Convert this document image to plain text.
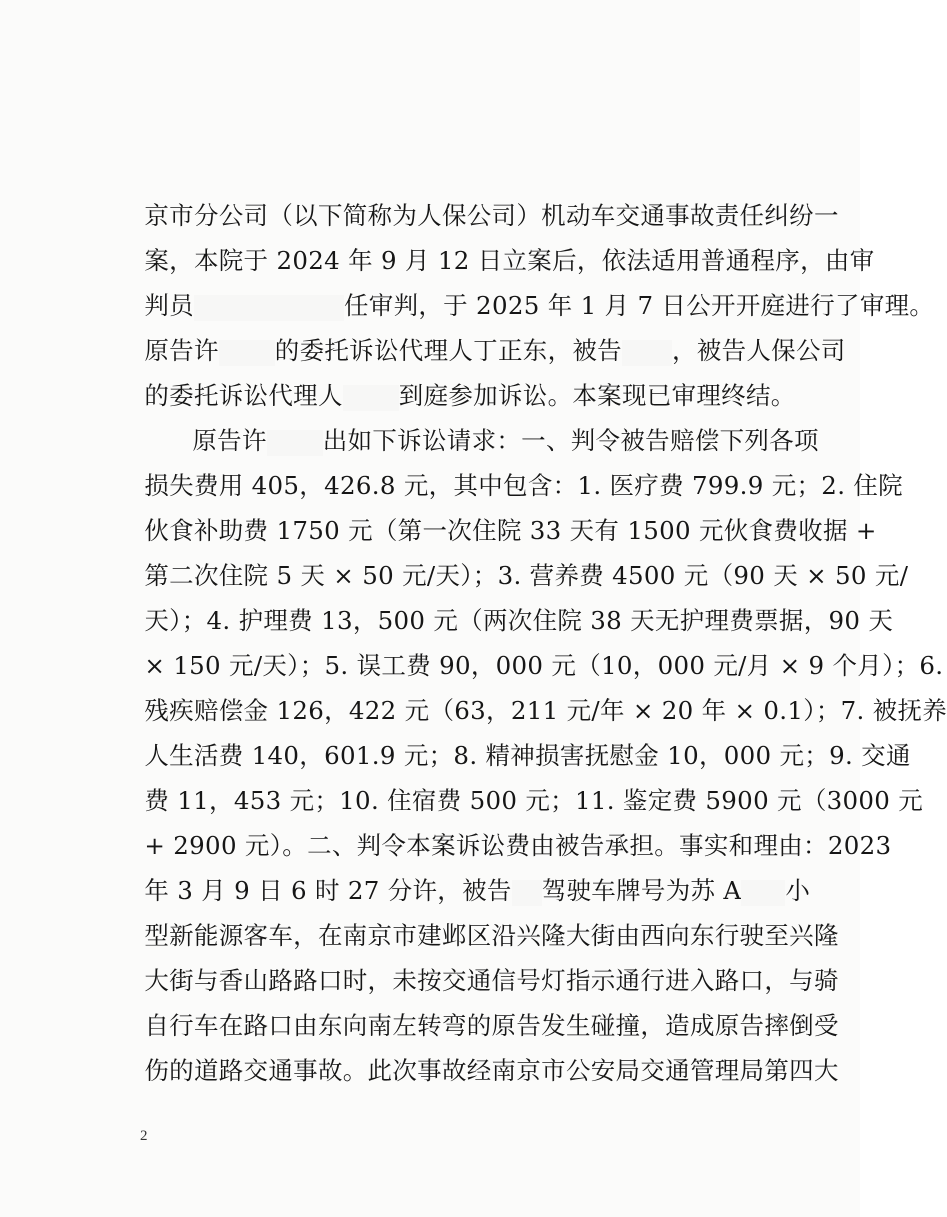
京市分公司（以下简称为人保公司）机动车交通事故责任纠纷一

案，本院于 2024 年 9 月 12 日立案后，依法适用普通程序，由审

判员	任审判，于 2025 年 1 月 7 日公开开庭进行了审理。

原告许 的委托诉讼代理人丁正东，被告 ，被告人保公司

的委托诉讼代理人 到庭参加诉讼。本案现已审理终结。

原告许 出如下诉讼请求：一、判令被告赔偿下列各项

损失费用 405，426.8 元，其中包含：1. 医疗费 799.9 元；2. 住院

伙食补助费 1750 元（第一次住院 33 天有 1500 元伙食费收据 +

第二次住院 5 天 × 50 元/天）；3. 营养费 4500 元（90 天 × 50 元/

天）；4. 护理费 13，500 元（两次住院 38 天无护理费票据，90 天

× 150 元/天）；5. 误工费 90，000 元（10，000 元/月 × 9 个月）；6.

残疾赔偿金 126，422 元（63，211 元/年 × 20 年 × 0.1）；7. 被抚养

人生活费 140，601.9 元；8. 精神损害抚慰金 10，000 元；9. 交通

费 11，453 元；10. 住宿费 500 元；11. 鉴定费 5900 元（3000 元

+ 2900 元）。二、判令本案诉讼费由被告承担。事实和理由：2023

年 3 月 9 日 6 时 27 分许，被告 驾驶车牌号为苏 A 小

型新能源客车，在南京市建邺区沿兴隆大街由西向东行驶至兴隆

大街与香山路路口时，未按交通信号灯指示通行进入路口，与骑

自行车在路口由东向南左转弯的原告发生碰撞，造成原告摔倒受

伤的道路交通事故。此次事故经南京市公安局交通管理局第四大

2
